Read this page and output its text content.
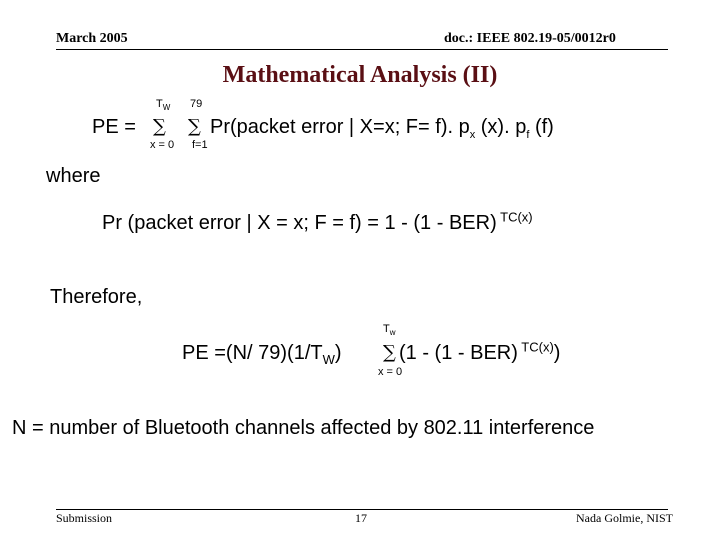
March 2005	doc.: IEEE 802.19-05/0012r0
Mathematical Analysis (II)
$T_W$ 79
PE = ∑ ∑ Pr(packet error | X=x; F= f). $p_x$ (x). $p_f$ (f)
x = 0 f=1
where
Pr (packet error | X = x; F = f) = 1 - (1 - BER) $^{TC(x)}$
Therefore,
$T_w$
PE =(N/ $79)(1/T_W)$ ∑ (1 - (1 - BER) $^{TC(x)}$)
x = 0
N = number of Bluetooth channels affected by 802.11 interference
Submission	17	Nada Golmie, NIST
